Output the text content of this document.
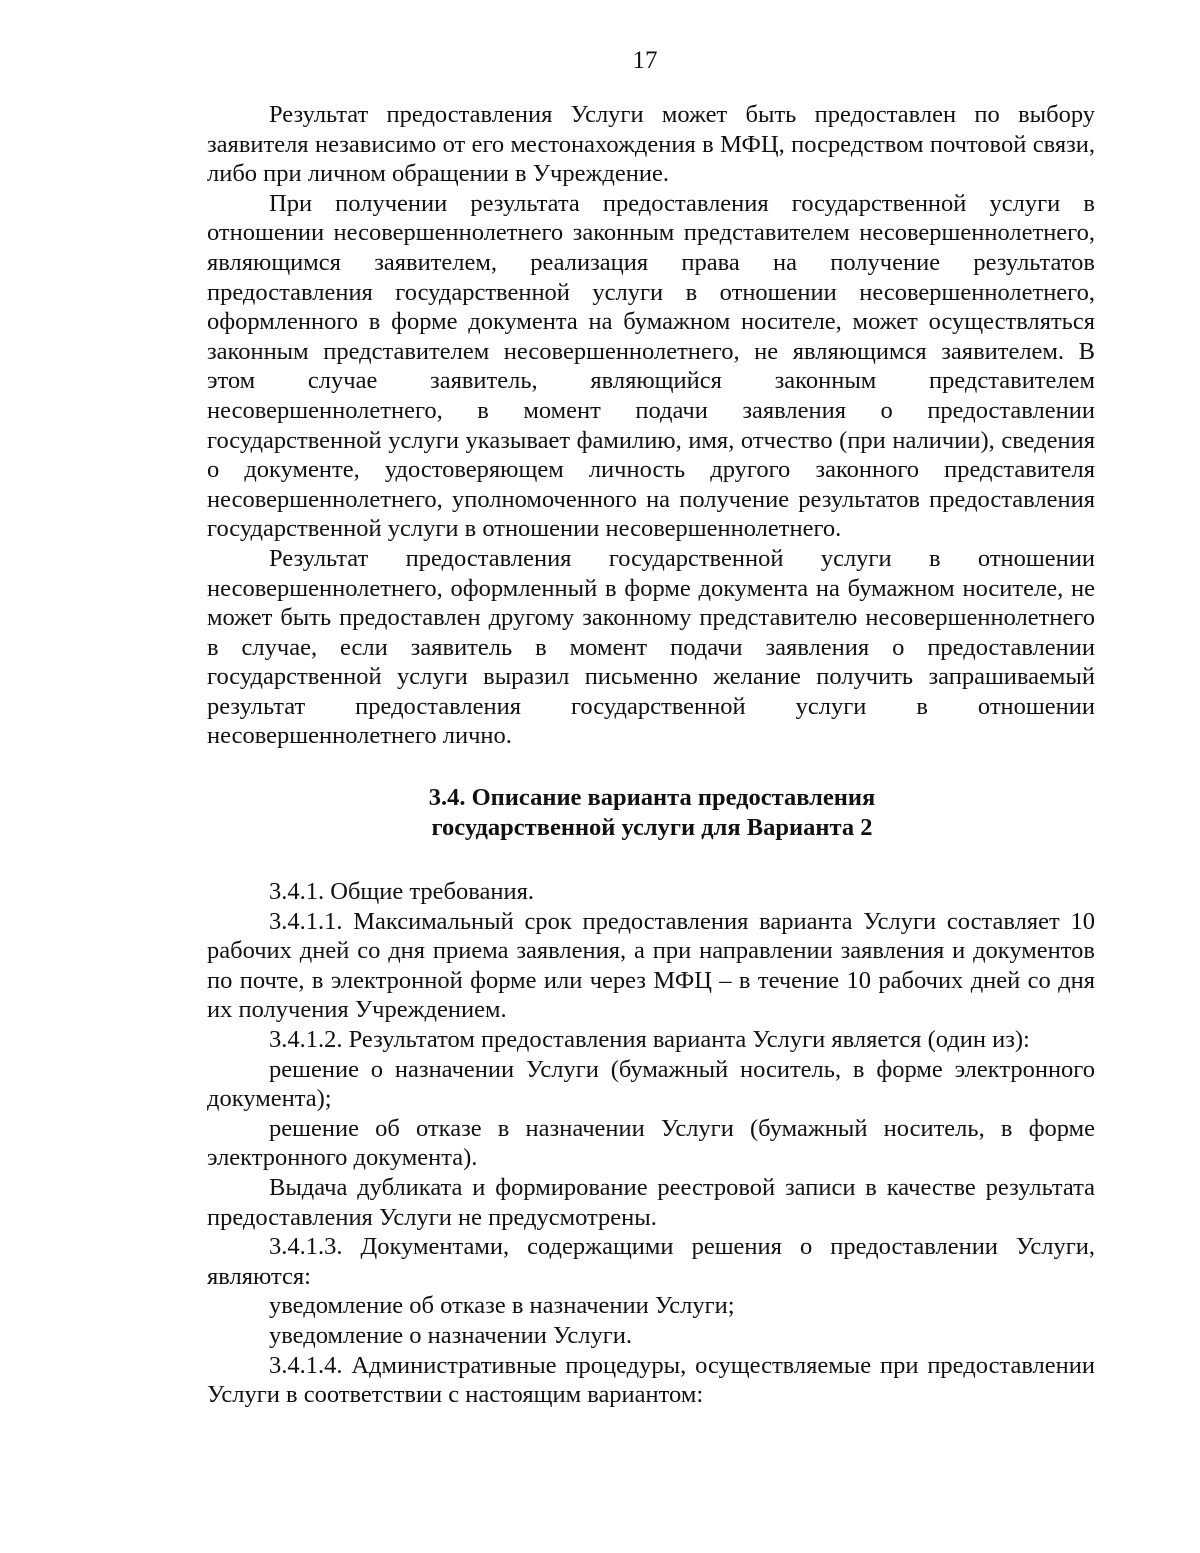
17

Результат предоставления Услуги может быть предоставлен по выбору заявителя независимо от его местонахождения в МФЦ, посредством почтовой связи, либо при личном обращении в Учреждение.

При получении результата предоставления государственной услуги в отношении несовершеннолетнего законным представителем несовершеннолетнего, являющимся заявителем, реализация права на получение результатов предоставления государственной услуги в отношении несовершеннолетнего, оформленного в форме документа на бумажном носителе, может осуществляться законным представителем несовершеннолетнего, не являющимся заявителем. В этом случае заявитель, являющийся законным представителем несовершеннолетнего, в момент подачи заявления о предоставлении государственной услуги указывает фамилию, имя, отчество (при наличии), сведения о документе, удостоверяющем личность другого законного представителя несовершеннолетнего, уполномоченного на получение результатов предоставления государственной услуги в отношении несовершеннолетнего.

Результат предоставления государственной услуги в отношении несовершеннолетнего, оформленный в форме документа на бумажном носителе, не может быть предоставлен другому законному представителю несовершеннолетнего в случае, если заявитель в момент подачи заявления о предоставлении государственной услуги выразил письменно желание получить запрашиваемый результат предоставления государственной услуги в отношении несовершеннолетнего лично.

3.4. Описание варианта предоставления
государственной услуги для Варианта 2

3.4.1. Общие требования.

3.4.1.1. Максимальный срок предоставления варианта Услуги составляет 10 рабочих дней со дня приема заявления, а при направлении заявления и документов по почте, в электронной форме или через МФЦ – в течение 10 рабочих дней со дня их получения Учреждением.

3.4.1.2. Результатом предоставления варианта Услуги является (один из):

решение о назначении Услуги (бумажный носитель, в форме электронного документа);

решение об отказе в назначении Услуги (бумажный носитель, в форме электронного документа).

Выдача дубликата и формирование реестровой записи в качестве результата предоставления Услуги не предусмотрены.

3.4.1.3. Документами, содержащими решения о предоставлении Услуги, являются:

уведомление об отказе в назначении Услуги;

уведомление о назначении Услуги.

3.4.1.4. Административные процедуры, осуществляемые при предоставлении Услуги в соответствии с настоящим вариантом:
